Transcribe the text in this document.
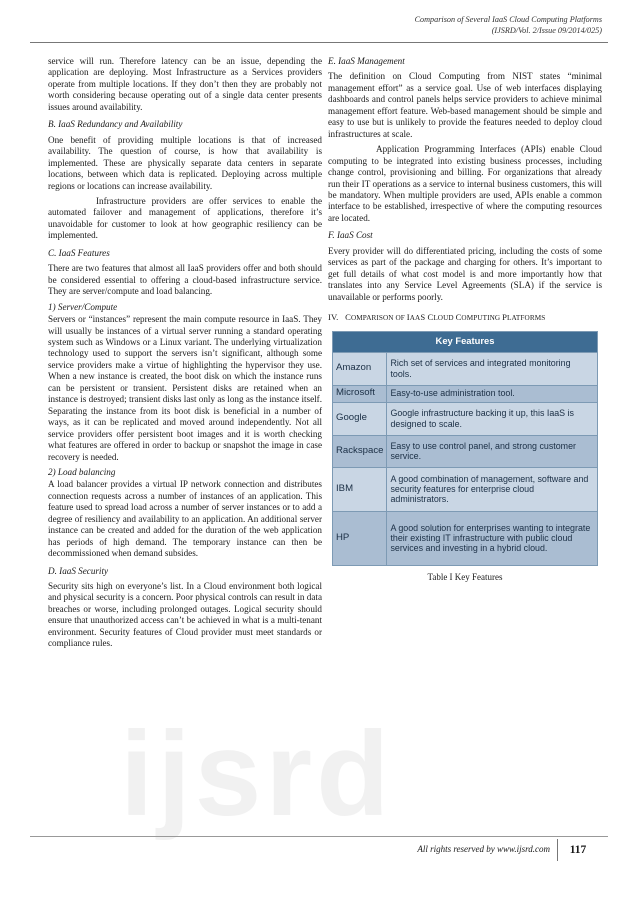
Comparison of Several IaaS Cloud Computing Platforms
(IJSRD/Vol. 2/Issue 09/2014/025)
ijsrd

service will run. Therefore latency can be an issue, depending the application are deploying. Most Infrastructure as a Services providers operate from multiple locations. If they don’t then they are probably not worth considering because operating out of a single data center presents issues around availability.

B. IaaS Redundancy and Availability

One benefit of providing multiple locations is that of increased availability. The question of course, is how that availability is implemented. These are physically separate data centers in separate locations, between which data is replicated. Deploying across multiple regions or locations can increase availability.

Infrastructure providers are offer services to enable the automated failover and management of applications, therefore it’s unavoidable for customer to look at how geographic resiliency can be implemented.

C. IaaS Features

There are two features that almost all IaaS providers offer and both should be considered essential to offering a cloud-based infrastructure service. They are server/compute and load balancing.

1) Server/Compute

Servers or “instances” represent the main compute resource in IaaS. They will usually be instances of a virtual server running a standard operating system such as Windows or a Linux variant. The underlying virtualization technology used to support the servers isn’t significant, although some service providers make a virtue of highlighting the hypervisor they use. When a new instance is created, the boot disk on which the instance runs can be persistent or transient. Persistent disks are retained when an instance is destroyed; transient disks last only as long as the instance itself. Separating the instance from its boot disk is beneficial in a number of ways, as it can be replicated and moved around independently. Not all service providers offer persistent boot images and it is worth checking what features are offered in order to backup or snapshot the image in case recovery is needed.

2) Load balancing

A load balancer provides a virtual IP network connection and distributes connection requests across a number of instances of an application. This feature used to spread load across a number of server instances or to add a degree of resiliency and availability to an application. An additional server instance can be created and added for the duration of the web application has periods of high demand. The temporary instance can then be decommissioned when demand subsides.

D. IaaS Security

Security sits high on everyone’s list. In a Cloud environment both logical and physical security is a concern. Poor physical controls can result in data breaches or worse, including prolonged outages. Logical security should ensure that unauthorized access can’t be achieved in what is a multi-tenant environment. Security features of Cloud provider must meet standards or compliance rules.

E. IaaS Management

The definition on Cloud Computing from NIST states “minimal management effort” as a service goal. Use of web interfaces displaying dashboards and control panels helps service providers to achieve minimal management effort feature. Web-based management should be simple and easy to use but is unlikely to provide the features needed to deploy cloud infrastructures at scale.

Application Programming Interfaces (APIs) enable Cloud computing to be integrated into existing business processes, including change control, provisioning and billing. For organizations that already run their IT operations as a service to internal business customers, this will be mandatory. When multiple providers are used, APIs enable a common interface to be established, irrespective of where the computing resources are located.

F. IaaS Cost

Every provider will do differentiated pricing, including the costs of some services as part of the package and charging for others. It’s important to get full details of what cost model is and more importantly how that translates into any Service Level Agreements (SLA) if the service is unavailable or performs poorly.

IV. COMPARISON OF IAAS CLOUD COMPUTING PLATFORMS
Key Features	
Amazon	Rich set of services and integrated monitoring tools.
Microsoft	Easy-to-use administration tool.
Google	Google infrastructure backing it up, this IaaS is designed to scale.
Rackspace	Easy to use control panel, and strong customer service.
IBM	A good combination of management, software and security features for enterprise cloud administrators.
HP	A good solution for enterprises wanting to integrate their existing IT infrastructure with public cloud services and investing in a hybrid cloud.
Table I Key Features
All rights reserved by www.ijsrd.com	117
